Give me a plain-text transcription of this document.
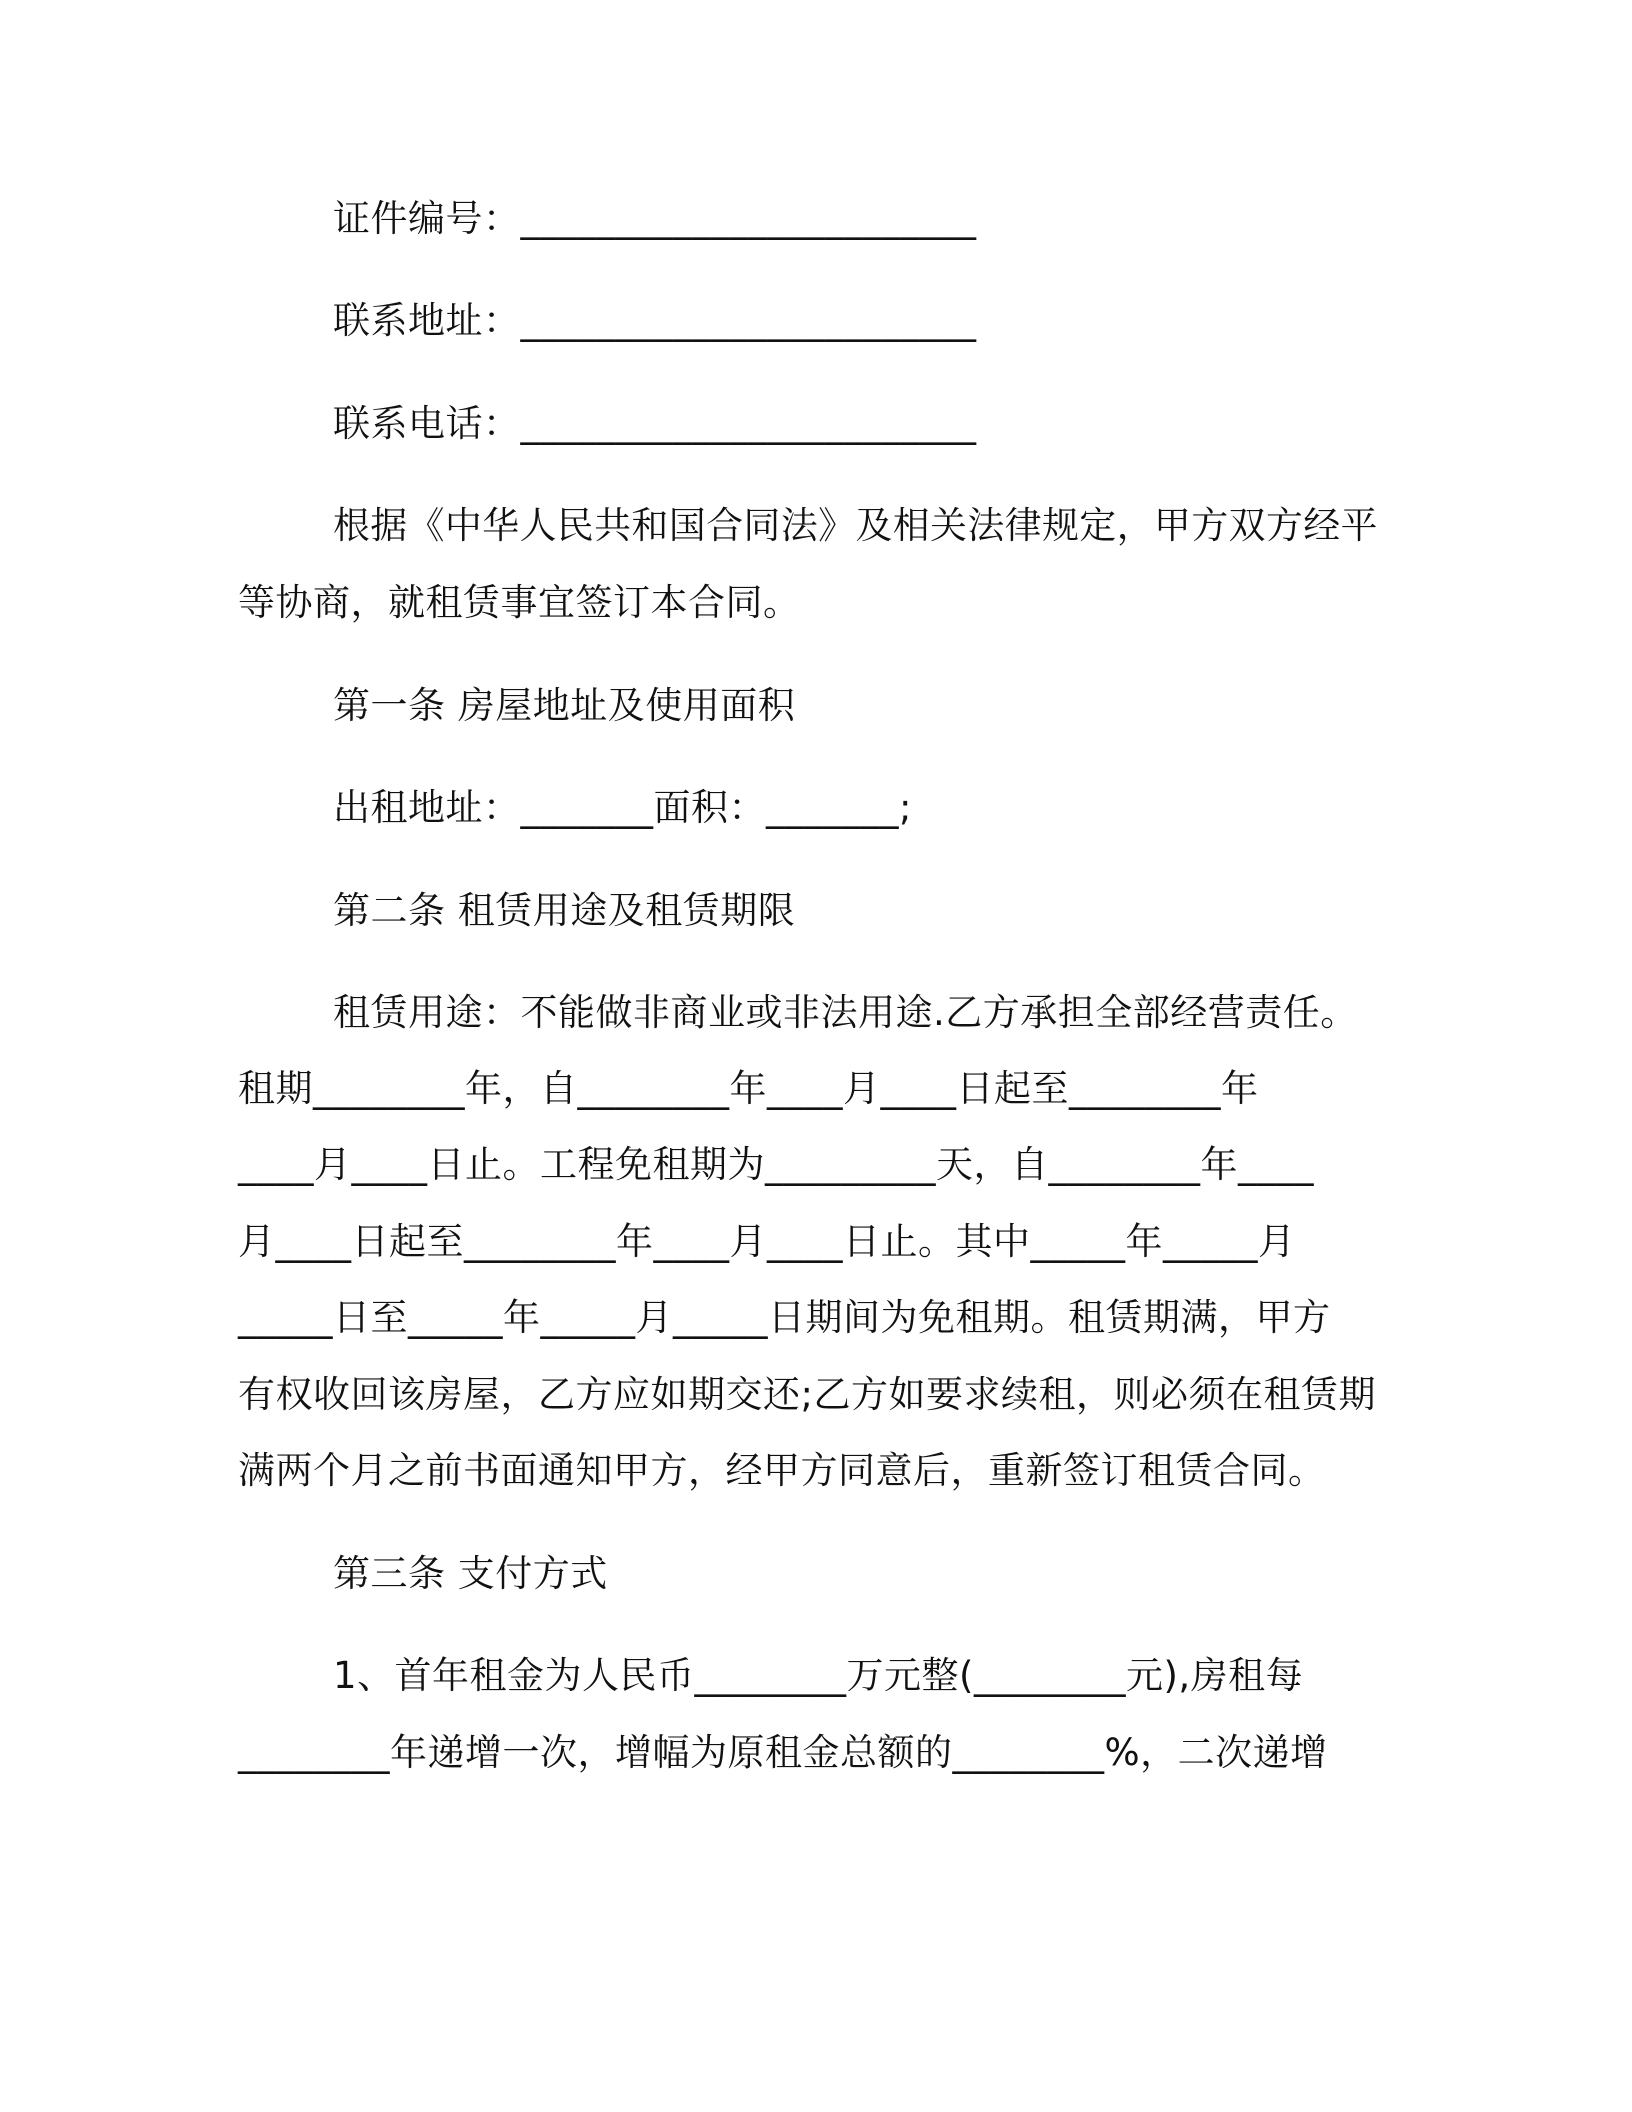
证件编号：________________________
联系地址：________________________
联系电话：________________________
根据《中华人民共和国合同法》及相关法律规定，甲方双方经平
等协商，就租赁事宜签订本合同。
第一条 房屋地址及使用面积
出租地址：_______面积：_______;
第二条 租赁用途及租赁期限
租赁用途：不能做非商业或非法用途.乙方承担全部经营责任。
租期________年，自________年____月____日起至________年
____月____日止。工程免租期为_________天，自________年____
月____日起至________年____月____日止。其中_____年_____月
_____日至_____年_____月_____日期间为免租期。租赁期满，甲方
有权收回该房屋，乙方应如期交还;乙方如要求续租，则必须在租赁期
满两个月之前书面通知甲方，经甲方同意后，重新签订租赁合同。
第三条 支付方式
1、首年租金为人民币________万元整(________元),房租每
________年递增一次，增幅为原租金总额的________%，二次递增
